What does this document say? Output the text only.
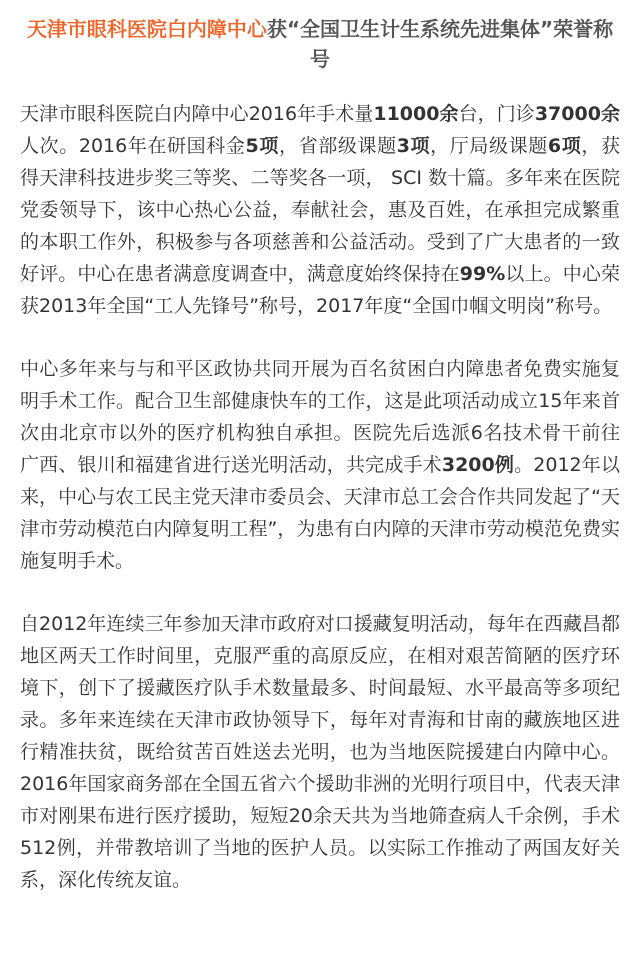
天津市眼科医院白内障中心获“全国卫生计生系统先进集体”荣誉称号

天津市眼科医院白内障中心2016年手术量11000余台，门诊37000余人次。2016年在研国科金5项，省部级课题3项，厅局级课题6项，获得天津科技进步奖三等奖、二等奖各一项， SCI 数十篇。多年来在医院党委领导下，该中心热心公益，奉献社会，惠及百姓，在承担完成繁重的本职工作外，积极参与各项慈善和公益活动。受到了广大患者的一致好评。中心在患者满意度调查中，满意度始终保持在99%以上。中心荣获2013年全国“工人先锋号”称号，2017年度“全国巾帼文明岗”称号。

中心多年来与与和平区政协共同开展为百名贫困白内障患者免费实施复明手术工作。配合卫生部健康快车的工作，这是此项活动成立15年来首次由北京市以外的医疗机构独自承担。医院先后选派6名技术骨干前往广西、银川和福建省进行送光明活动，共完成手术3200例。2012年以来，中心与农工民主党天津市委员会、天津市总工会合作共同发起了“天津市劳动模范白内障复明工程”，为患有白内障的天津市劳动模范免费实施复明手术。

自2012年连续三年参加天津市政府对口援藏复明活动，每年在西藏昌都地区两天工作时间里，克服严重的高原反应，在相对艰苦简陋的医疗环境下，创下了援藏医疗队手术数量最多、时间最短、水平最高等多项纪录。多年来连续在天津市政协领导下，每年对青海和甘南的藏族地区进行精准扶贫，既给贫苦百姓送去光明，也为当地医院援建白内障中心。2016年国家商务部在全国五省六个援助非洲的光明行项目中，代表天津市对刚果布进行医疗援助，短短20余天共为当地筛查病人千余例，手术512例，并带教培训了当地的医护人员。以实际工作推动了两国友好关系，深化传统友谊。
